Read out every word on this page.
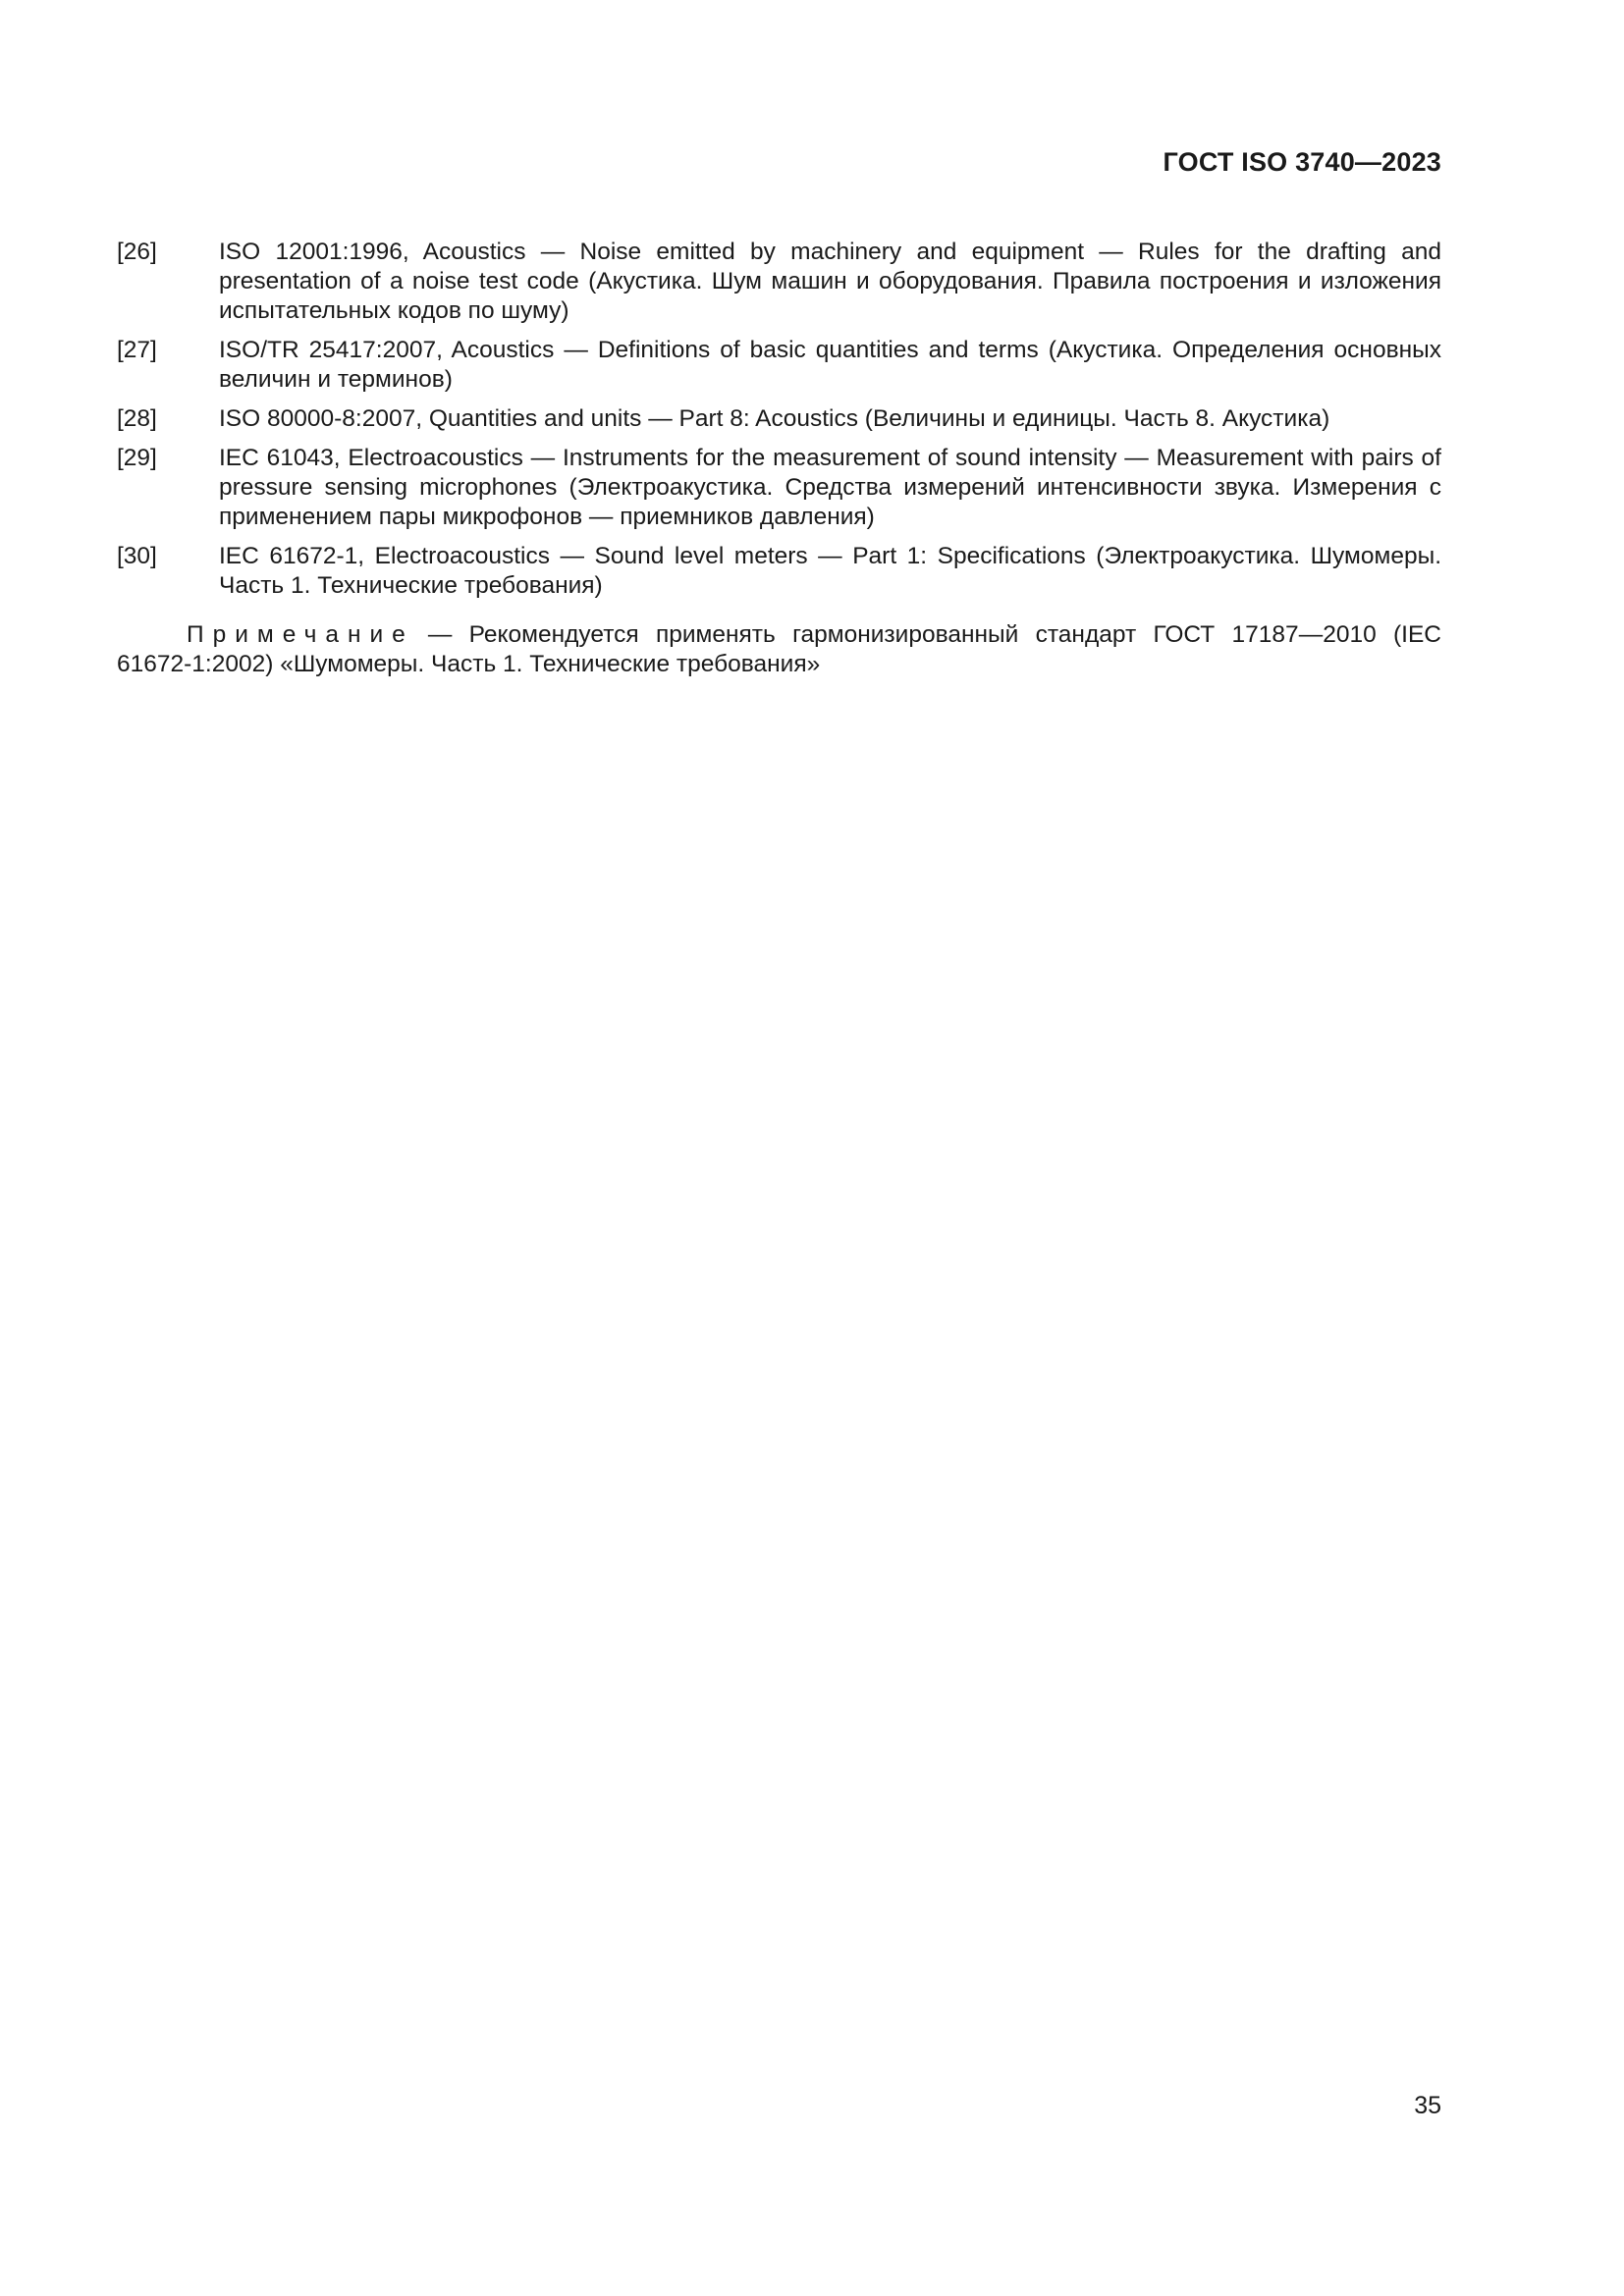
ГОСТ ISO 3740—2023
[26]	ISO 12001:1996, Acoustics — Noise emitted by machinery and equipment — Rules for the drafting and presentation of a noise test code (Акустика. Шум машин и оборудования. Правила построения и изложения испытательных кодов по шуму)
[27]	ISO/TR 25417:2007, Acoustics — Definitions of basic quantities and terms (Акустика. Определения основных величин и терминов)
[28]	ISO 80000-8:2007, Quantities and units — Part 8: Acoustics (Величины и единицы. Часть 8. Акустика)
[29]	IEC 61043, Electroacoustics — Instruments for the measurement of sound intensity — Measurement with pairs of pressure sensing microphones (Электроакустика. Средства измерений интенсивности звука. Измерения с применением пары микрофонов — приемников давления)
[30]	IEC 61672-1, Electroacoustics — Sound level meters — Part 1: Specifications (Электроакустика. Шумомеры. Часть 1. Технические требования)
Примечание — Рекомендуется применять гармонизированный стандарт ГОСТ 17187—2010 (IEC 61672-1:2002) «Шумомеры. Часть 1. Технические требования»
35
